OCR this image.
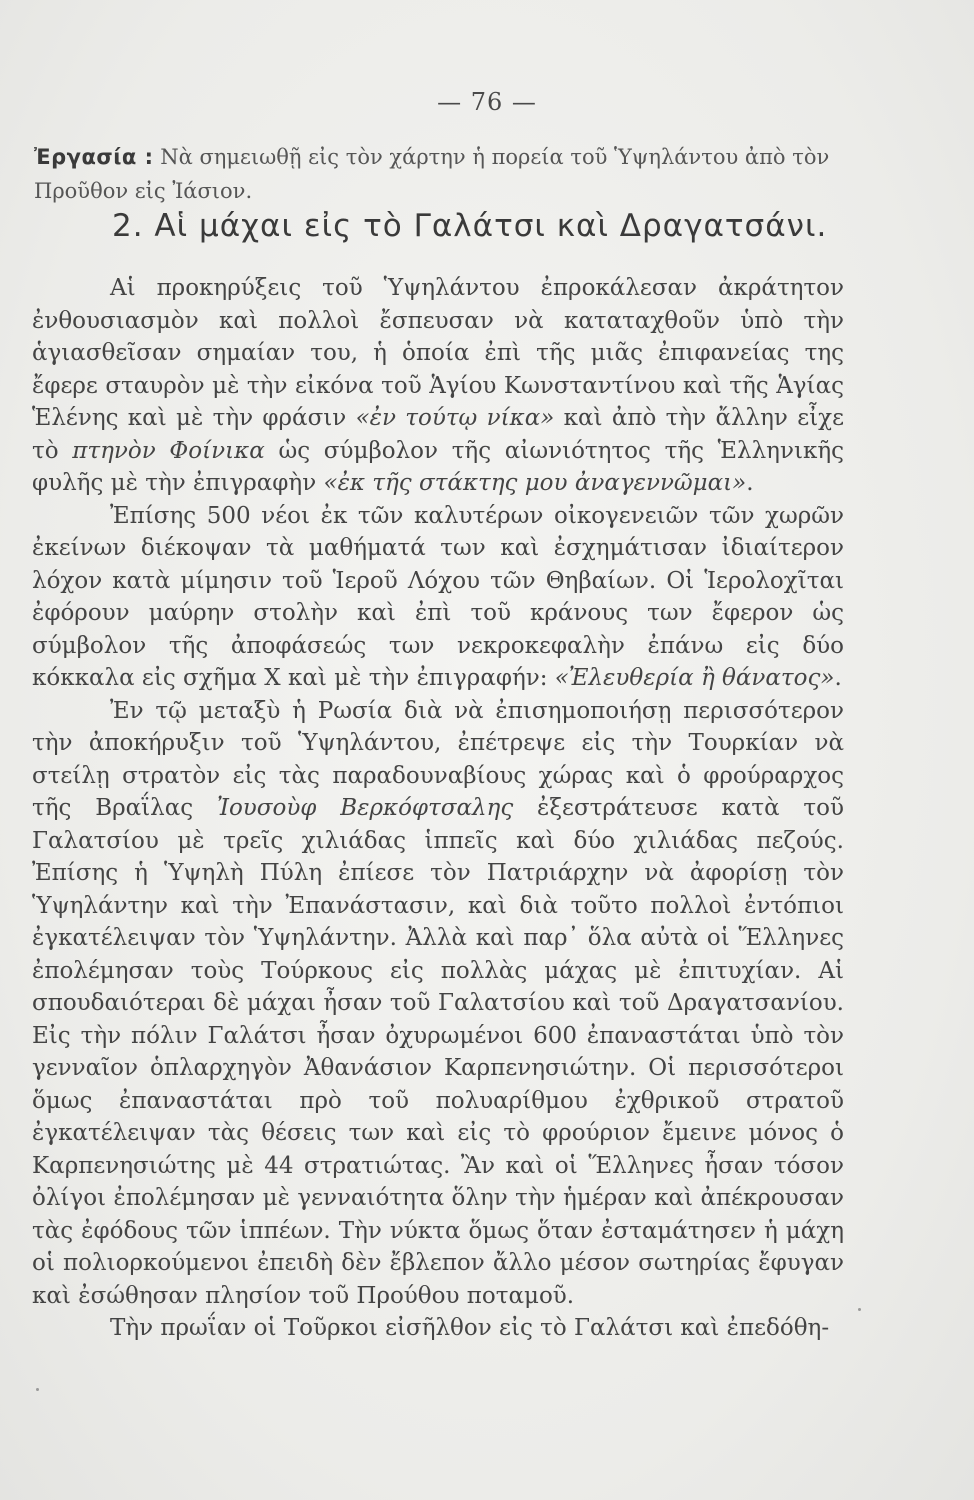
— 76 —
Ἐργασία : Νὰ σημειωθῇ εἰς τὸν χάρτην ἡ πορεία τοῦ Ὑψηλάντου ἀπὸ τὸν Προῦθον εἰς Ἰάσιον.
2. Αἱ μάχαι εἰς τὸ Γαλάτσι καὶ Δραγατσάνι.

Αἱ προκηρύξεις τοῦ Ὑψηλάντου ἐπροκάλεσαν ἀκράτητον ἐνθουσιασμὸν καὶ πολλοὶ ἔσπευσαν νὰ καταταχθοῦν ὑπὸ τὴν ἁγιασθεῖσαν σημαίαν του, ἡ ὁποία ἐπὶ τῆς μιᾶς ἐπιφανείας της ἔφερε σταυρὸν μὲ τὴν εἰκόνα τοῦ Ἁγίου Κωνσταντίνου καὶ τῆς Ἁγίας Ἑλένης καὶ μὲ τὴν φράσιν «ἐν τούτῳ νίκα» καὶ ἀπὸ τὴν ἄλλην εἶχε τὸ πτηνὸν Φοίνικα ὡς σύμβολον τῆς αἰωνιότητος τῆς Ἑλληνικῆς φυλῆς μὲ τὴν ἐπιγραφὴν «ἐκ τῆς στάκτης μου ἀναγεννῶμαι».

Ἐπίσης 500 νέοι ἐκ τῶν καλυτέρων οἰκογενειῶν τῶν χωρῶν ἐκείνων διέκοψαν τὰ μαθήματά των καὶ ἐσχημάτισαν ἰδιαίτερον λόχον κατὰ μίμησιν τοῦ Ἱεροῦ Λόχου τῶν Θηβαίων. Οἱ Ἱερολοχῖται ἐφόρουν μαύρην στολὴν καὶ ἐπὶ τοῦ κράνους των ἔφερον ὡς σύμβολον τῆς ἀποφάσεώς των νεκροκεφαλὴν ἐπάνω εἰς δύο κόκκαλα εἰς σχῆμα Χ καὶ μὲ τὴν ἐπιγραφήν: «Ἐλευθερία ἢ θάνατος».

Ἐν τῷ μεταξὺ ἡ Ρωσία διὰ νὰ ἐπισημοποιήσῃ περισσότερον τὴν ἀποκήρυξιν τοῦ Ὑψηλάντου, ἐπέτρεψε εἰς τὴν Τουρκίαν νὰ στείλῃ στρατὸν εἰς τὰς παραδουναβίους χώρας καὶ ὁ φρούραρχος τῆς Βραΐλας Ἰουσοὺφ Βερκόφτσαλης ἐξεστράτευσε κατὰ τοῦ Γαλατσίου μὲ τρεῖς χιλιάδας ἱππεῖς καὶ δύο χιλιάδας πεζούς. Ἐπίσης ἡ Ὑψηλὴ Πύλη ἐπίεσε τὸν Πατριάρχην νὰ ἀφορίσῃ τὸν Ὑψηλάντην καὶ τὴν Ἐπανάστασιν, καὶ διὰ τοῦτο πολλοὶ ἐντόπιοι ἐγκατέλειψαν τὸν Ὑψηλάντην. Ἀλλὰ καὶ παρ᾽ ὅλα αὐτὰ οἱ Ἕλληνες ἐπολέμησαν τοὺς Τούρκους εἰς πολλὰς μάχας μὲ ἐπιτυχίαν. Αἱ σπουδαιότεραι δὲ μάχαι ἦσαν τοῦ Γαλατσίου καὶ τοῦ Δραγατσανίου. Εἰς τὴν πόλιν Γαλάτσι ἦσαν ὀχυρωμένοι 600 ἐπαναστάται ὑπὸ τὸν γενναῖον ὁπλαρχηγὸν Ἀθανάσιον Καρπενησιώτην. Οἱ περισσότεροι ὅμως ἐπαναστάται πρὸ τοῦ πολυαρίθμου ἐχθρικοῦ στρατοῦ ἐγκατέλειψαν τὰς θέσεις των καὶ εἰς τὸ φρούριον ἔμεινε μόνος ὁ Καρπενησιώτης μὲ 44 στρατιώτας. Ἂν καὶ οἱ Ἕλληνες ἦσαν τόσον ὀλίγοι ἐπολέμησαν μὲ γενναιότητα ὅλην τὴν ἡμέραν καὶ ἀπέκρουσαν τὰς ἐφόδους τῶν ἱππέων. Τὴν νύκτα ὅμως ὅταν ἐσταμάτησεν ἡ μάχη οἱ πολιορκούμενοι ἐπειδὴ δὲν ἔβλεπον ἄλλο μέσον σωτηρίας ἔφυγαν καὶ ἐσώθησαν πλησίον τοῦ Προύθου ποταμοῦ.

Τὴν πρωΐαν οἱ Τοῦρκοι εἰσῆλθον εἰς τὸ Γαλάτσι καὶ ἐπεδόθη-
